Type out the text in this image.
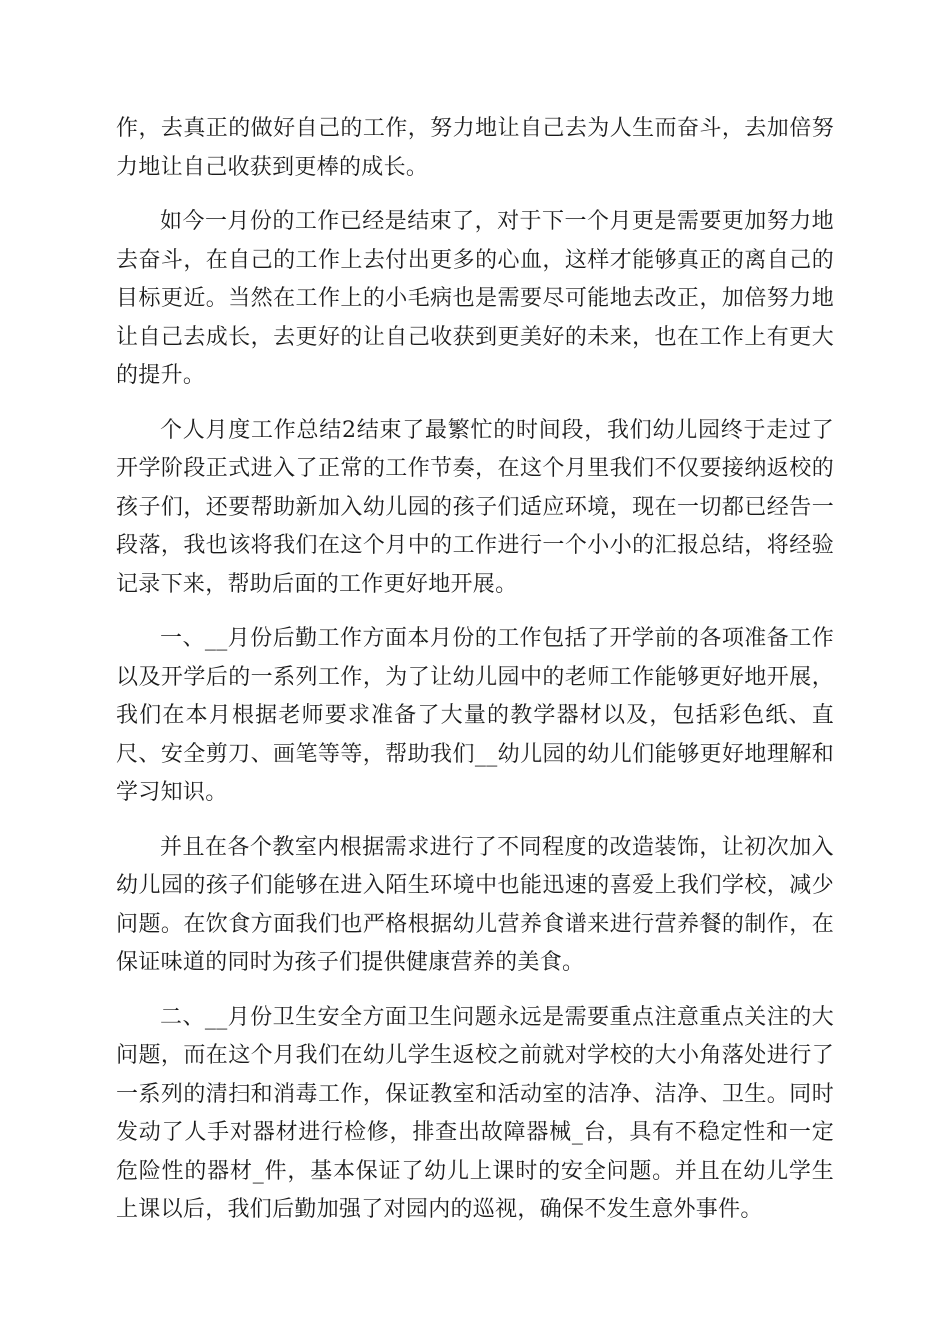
作，去真正的做好自己的工作，努力地让自己去为人生而奋斗，去加倍努力地让自己收获到更棒的成长。

如今一月份的工作已经是结束了，对于下一个月更是需要更加努力地去奋斗，在自己的工作上去付出更多的心血，这样才能够真正的离自己的目标更近。当然在工作上的小毛病也是需要尽可能地去改正，加倍努力地让自己去成长，去更好的让自己收获到更美好的未来，也在工作上有更大的提升。

个人月度工作总结2结束了最繁忙的时间段，我们幼儿园终于走过了开学阶段正式进入了正常的工作节奏，在这个月里我们不仅要接纳返校的孩子们，还要帮助新加入幼儿园的孩子们适应环境，现在一切都已经告一段落，我也该将我们在这个月中的工作进行一个小小的汇报总结，将经验记录下来，帮助后面的工作更好地开展。

一、__月份后勤工作方面本月份的工作包括了开学前的各项准备工作以及开学后的一系列工作，为了让幼儿园中的老师工作能够更好地开展，我们在本月根据老师要求准备了大量的教学器材以及，包括彩色纸、直尺、安全剪刀、画笔等等，帮助我们__幼儿园的幼儿们能够更好地理解和学习知识。

并且在各个教室内根据需求进行了不同程度的改造装饰，让初次加入幼儿园的孩子们能够在进入陌生环境中也能迅速的喜爱上我们学校，减少问题。在饮食方面我们也严格根据幼儿营养食谱来进行营养餐的制作，在保证味道的同时为孩子们提供健康营养的美食。

二、__月份卫生安全方面卫生问题永远是需要重点注意重点关注的大问题，而在这个月我们在幼儿学生返校之前就对学校的大小角落处进行了一系列的清扫和消毒工作，保证教室和活动室的洁净、洁净、卫生。同时发动了人手对器材进行检修，排查出故障器械_台，具有不稳定性和一定危险性的器材_件，基本保证了幼儿上课时的安全问题。并且在幼儿学生上课以后，我们后勤加强了对园内的巡视，确保不发生意外事件。
